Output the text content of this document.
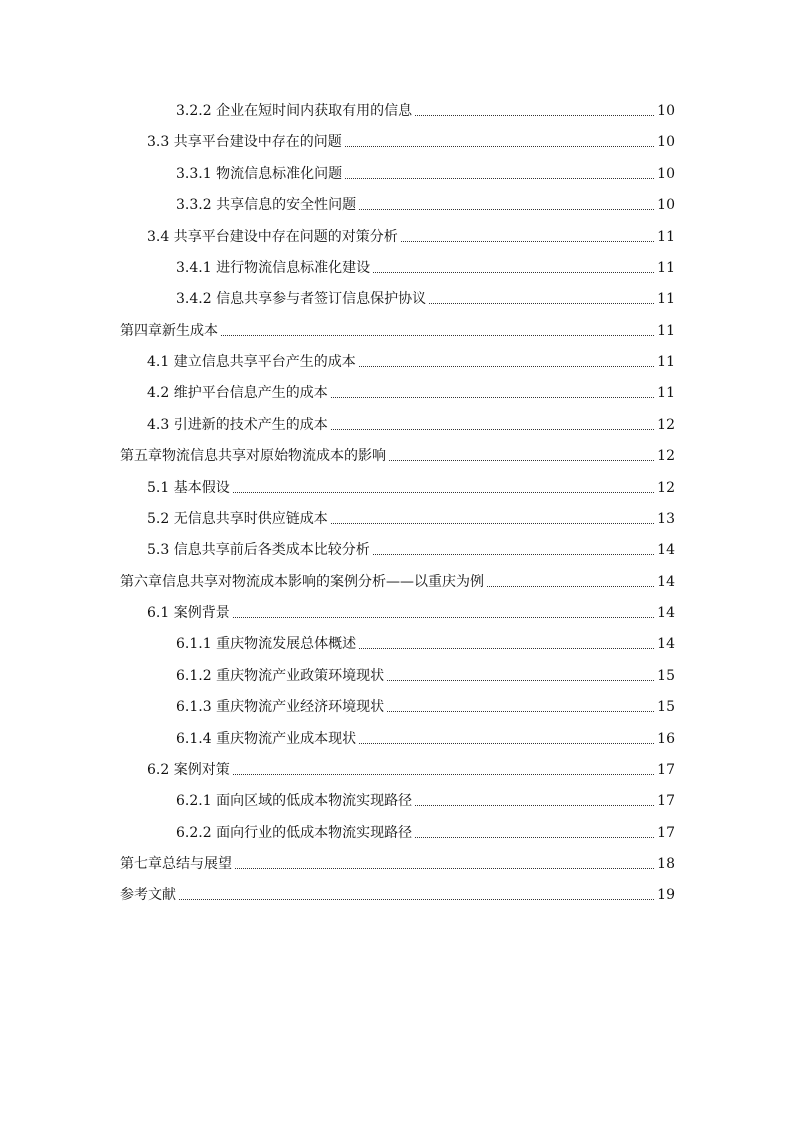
3.2.2 企业在短时间内获取有用的信息	10
3.3 共享平台建设中存在的问题	10
3.3.1 物流信息标准化问题	10
3.3.2 共享信息的安全性问题	10
3.4 共享平台建设中存在问题的对策分析	11
3.4.1 进行物流信息标准化建设	11
3.4.2 信息共享参与者签订信息保护协议	11
第四章新生成本	11
4.1 建立信息共享平台产生的成本	11
4.2 维护平台信息产生的成本	11
4.3 引进新的技术产生的成本	12
第五章物流信息共享对原始物流成本的影响	12
5.1 基本假设	12
5.2 无信息共享时供应链成本	13
5.3 信息共享前后各类成本比较分析	14
第六章信息共享对物流成本影响的案例分析——以重庆为例	14
6.1 案例背景	14
6.1.1 重庆物流发展总体概述	14
6.1.2 重庆物流产业政策环境现状	15
6.1.3 重庆物流产业经济环境现状	15
6.1.4 重庆物流产业成本现状	16
6.2 案例对策	17
6.2.1 面向区域的低成本物流实现路径	17
6.2.2 面向行业的低成本物流实现路径	17
第七章总结与展望	18
参考文献	19
